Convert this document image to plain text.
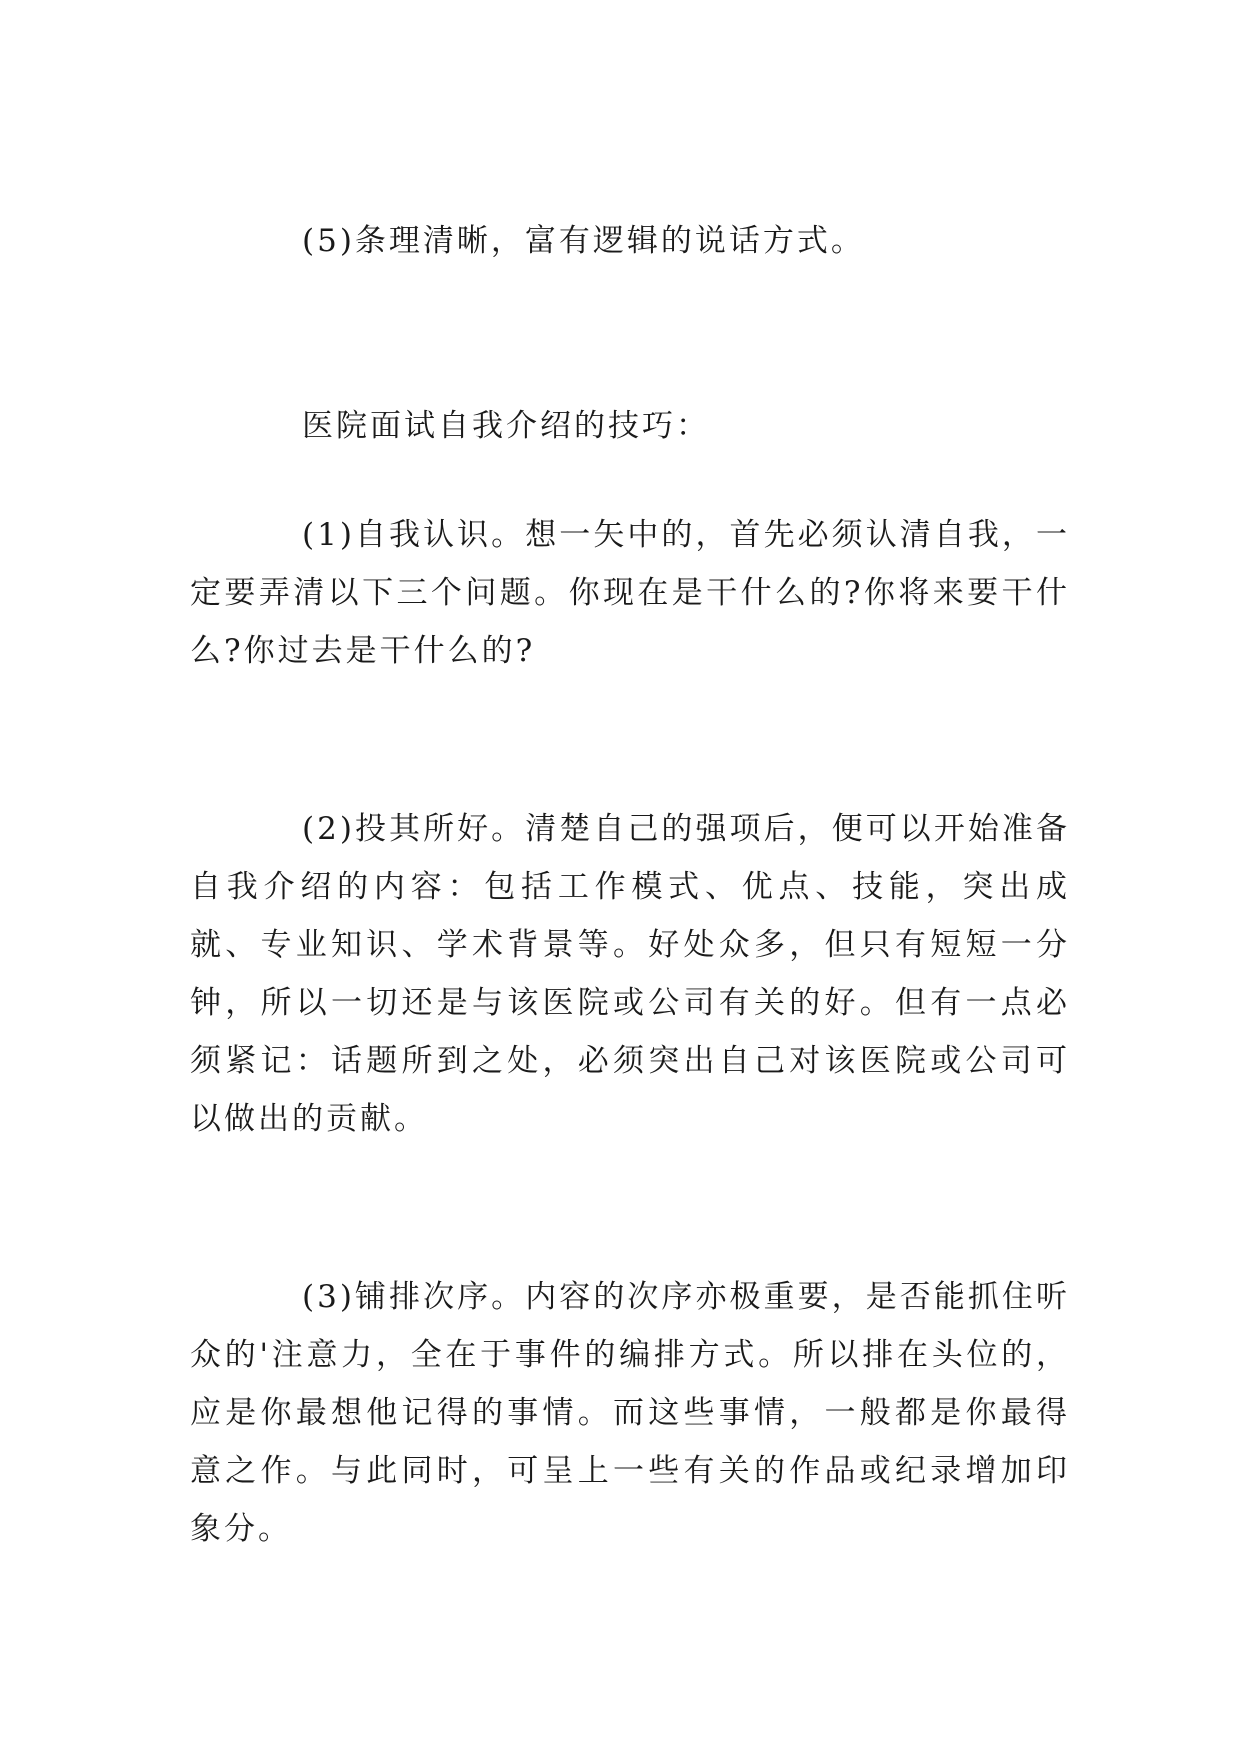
(5)条理清晰，富有逻辑的说话方式。

医院面试自我介绍的技巧：

(1)自我认识。想一矢中的，首先必须认清自我，一定要弄清以下三个问题。你现在是干什么的?你将来要干什么?你过去是干什么的?

(2)投其所好。清楚自己的强项后，便可以开始准备自我介绍的内容：包括工作模式、优点、技能，突出成就、专业知识、学术背景等。好处众多，但只有短短一分钟，所以一切还是与该医院或公司有关的好。但有一点必须紧记：话题所到之处，必须突出自己对该医院或公司可以做出的贡献。

(3)铺排次序。内容的次序亦极重要，是否能抓住听众的'注意力，全在于事件的编排方式。所以排在头位的，应是你最想他记得的事情。而这些事情，一般都是你最得意之作。与此同时，可呈上一些有关的作品或纪录增加印象分。
